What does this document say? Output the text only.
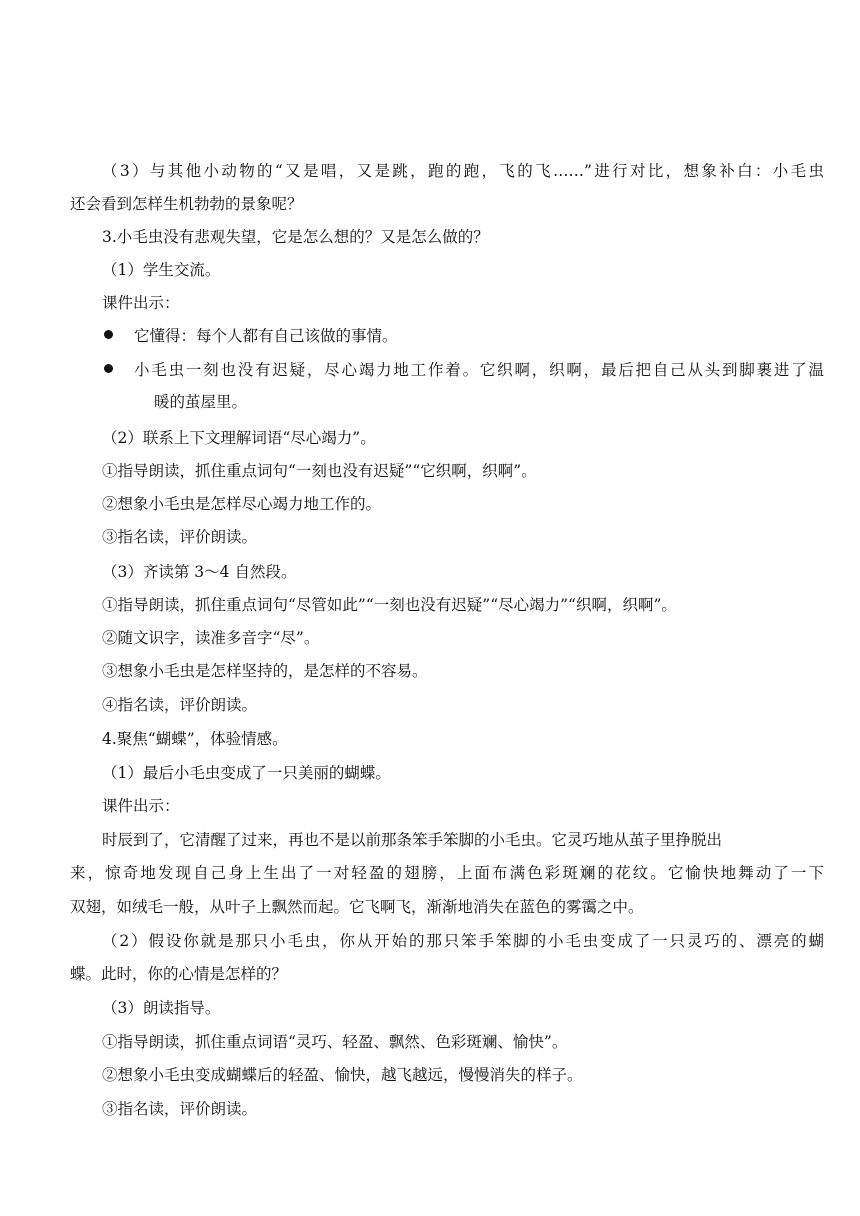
（3）与其他小动物的“又是唱，又是跳，跑的跑，飞的飞……”进行对比，想象补白：小毛虫
还会看到怎样生机勃勃的景象呢？
3.小毛虫没有悲观失望，它是怎么想的？又是怎么做的？
（1）学生交流。
课件出示：
它懂得：每个人都有自己该做的事情。
小毛虫一刻也没有迟疑，尽心竭力地工作着。它织啊，织啊，最后把自己从头到脚裹进了温
暖的茧屋里。
（2）联系上下文理解词语“尽心竭力”。
①指导朗读，抓住重点词句“一刻也没有迟疑”“它织啊，织啊”。
②想象小毛虫是怎样尽心竭力地工作的。
③指名读，评价朗读。
（3）齐读第 3～4 自然段。
①指导朗读，抓住重点词句“尽管如此”“一刻也没有迟疑”“尽心竭力”“织啊，织啊”。
②随文识字，读准多音字“尽”。
③想象小毛虫是怎样坚持的，是怎样的不容易。
④指名读，评价朗读。
4.聚焦“蝴蝶”，体验情感。
（1）最后小毛虫变成了一只美丽的蝴蝶。
课件出示：
时辰到了，它清醒了过来，再也不是以前那条笨手笨脚的小毛虫。它灵巧地从茧子里挣脱出
来，惊奇地发现自己身上生出了一对轻盈的翅膀，上面布满色彩斑斓的花纹。它愉快地舞动了一下
双翅，如绒毛一般，从叶子上飘然而起。它飞啊飞，渐渐地消失在蓝色的雾霭之中。
（2）假设你就是那只小毛虫，你从开始的那只笨手笨脚的小毛虫变成了一只灵巧的、漂亮的蝴
蝶。此时，你的心情是怎样的？
（3）朗读指导。
①指导朗读，抓住重点词语“灵巧、轻盈、飘然、色彩斑斓、愉快”。
②想象小毛虫变成蝴蝶后的轻盈、愉快，越飞越远，慢慢消失的样子。
③指名读，评价朗读。
